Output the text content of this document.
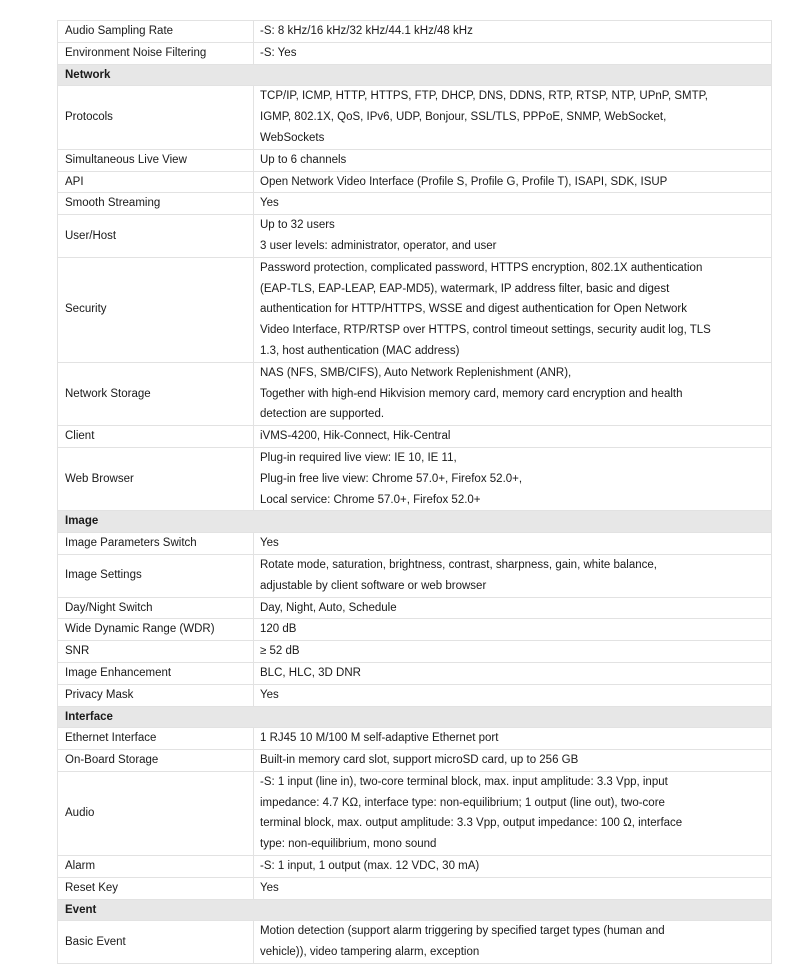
Audio Sampling Rate	-S: 8 kHz/16 kHz/32 kHz/44.1 kHz/48 kHz

Environment Noise Filtering	-S: Yes

Network	
Protocols	TCP/IP, ICMP, HTTP, HTTPS, FTP, DHCP, DNS, DDNS, RTP, RTSP, NTP, UPnP, SMTP,
IGMP, 802.1X, QoS, IPv6, UDP, Bonjour, SSL/TLS, PPPoE, SNMP, WebSocket,
WebSockets

Simultaneous Live View	Up to 6 channels

API	Open Network Video Interface (Profile S, Profile G, Profile T), ISAPI, SDK, ISUP

Smooth Streaming	Yes

User/Host	Up to 32 users
3 user levels: administrator, operator, and user

Security	Password protection, complicated password, HTTPS encryption, 802.1X authentication
(EAP-TLS, EAP-LEAP, EAP-MD5), watermark, IP address filter, basic and digest
authentication for HTTP/HTTPS, WSSE and digest authentication for Open Network
Video Interface, RTP/RTSP over HTTPS, control timeout settings, security audit log, TLS
1.3, host authentication (MAC address)

Network Storage	NAS (NFS, SMB/CIFS), Auto Network Replenishment (ANR),
Together with high-end Hikvision memory card, memory card encryption and health
detection are supported.

Client	iVMS-4200, Hik-Connect, Hik-Central

Web Browser	Plug-in required live view: IE 10, IE 11,
Plug-in free live view: Chrome 57.0+, Firefox 52.0+,
Local service: Chrome 57.0+, Firefox 52.0+

Image	
Image Parameters Switch	Yes

Image Settings	Rotate mode, saturation, brightness, contrast, sharpness, gain, white balance,
adjustable by client software or web browser

Day/Night Switch	Day, Night, Auto, Schedule

Wide Dynamic Range (WDR)	120 dB

SNR	≥ 52 dB

Image Enhancement	BLC, HLC, 3D DNR

Privacy Mask	Yes

Interface	
Ethernet Interface	1 RJ45 10 M/100 M self-adaptive Ethernet port

On-Board Storage	Built-in memory card slot, support microSD card, up to 256 GB

Audio	-S: 1 input (line in), two-core terminal block, max. input amplitude: 3.3 Vpp, input
impedance: 4.7 KΩ, interface type: non-equilibrium; 1 output (line out), two-core
terminal block, max. output amplitude: 3.3 Vpp, output impedance: 100 Ω, interface
type: non-equilibrium, mono sound

Alarm	-S: 1 input, 1 output (max. 12 VDC, 30 mA)

Reset Key	Yes

Event	
Basic Event	Motion detection (support alarm triggering by specified target types (human and
vehicle)), video tampering alarm, exception
